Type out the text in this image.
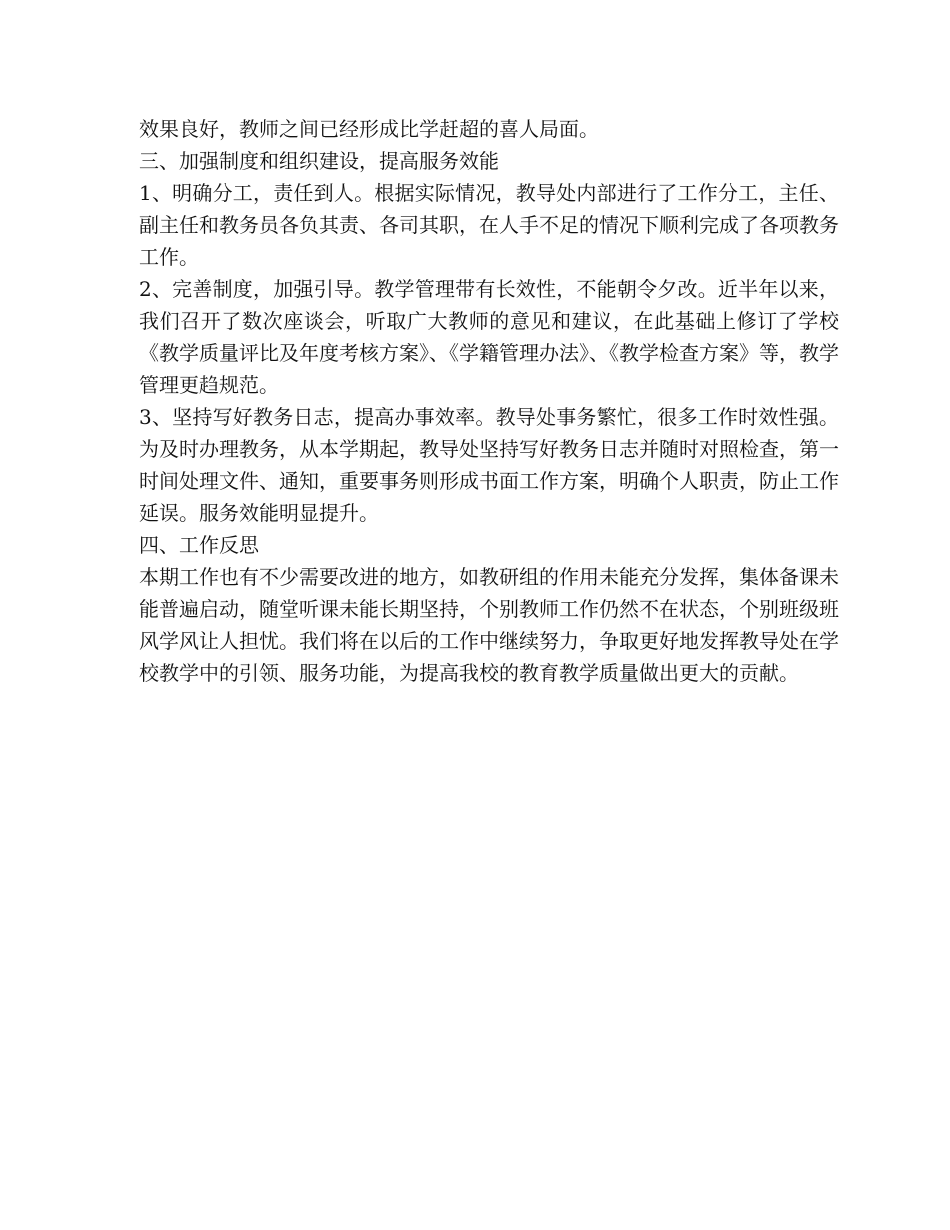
效果良好，教师之间已经形成比学赶超的喜人局面。

三、加强制度和组织建设，提高服务效能

1、明确分工，责任到人。根据实际情况，教导处内部进行了工作分工，主任、副主任和教务员各负其责、各司其职，在人手不足的情况下顺利完成了各项教务工作。

2、完善制度，加强引导。教学管理带有长效性，不能朝令夕改。近半年以来，我们召开了数次座谈会，听取广大教师的意见和建议，在此基础上修订了学校《教学质量评比及年度考核方案》、《学籍管理办法》、《教学检查方案》等，教学管理更趋规范。

3、坚持写好教务日志，提高办事效率。教导处事务繁忙，很多工作时效性强。为及时办理教务，从本学期起，教导处坚持写好教务日志并随时对照检查，第一时间处理文件、通知，重要事务则形成书面工作方案，明确个人职责，防止工作延误。服务效能明显提升。

四、工作反思

本期工作也有不少需要改进的地方，如教研组的作用未能充分发挥，集体备课未能普遍启动，随堂听课未能长期坚持，个别教师工作仍然不在状态，个别班级班风学风让人担忧。我们将在以后的工作中继续努力，争取更好地发挥教导处在学校教学中的引领、服务功能，为提高我校的教育教学质量做出更大的贡献。
